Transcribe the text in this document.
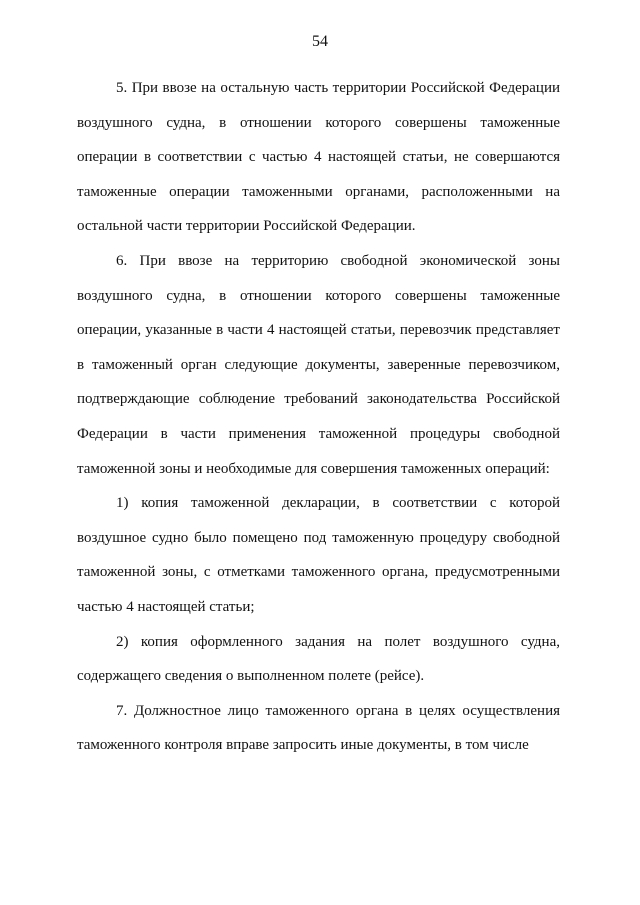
54

5. При ввозе на остальную часть территории Российской Федерации воздушного судна, в отношении которого совершены таможенные операции в соответствии с частью 4 настоящей статьи, не совершаются таможенные операции таможенными органами, расположенными на остальной части территории Российской Федерации.

6. При ввозе на территорию свободной экономической зоны воздушного судна, в отношении которого совершены таможенные операции, указанные в части 4 настоящей статьи, перевозчик представляет в таможенный орган следующие документы, заверенные перевозчиком, подтверждающие соблюдение требований законодательства Российской Федерации в части применения таможенной процедуры свободной таможенной зоны и необходимые для совершения таможенных операций:

1) копия таможенной декларации, в соответствии с которой воздушное судно было помещено под таможенную процедуру свободной таможенной зоны, с отметками таможенного органа, предусмотренными частью 4 настоящей статьи;

2) копия оформленного задания на полет воздушного судна, содержащего сведения о выполненном полете (рейсе).

7. Должностное лицо таможенного органа в целях осуществления таможенного контроля вправе запросить иные документы, в том числе
